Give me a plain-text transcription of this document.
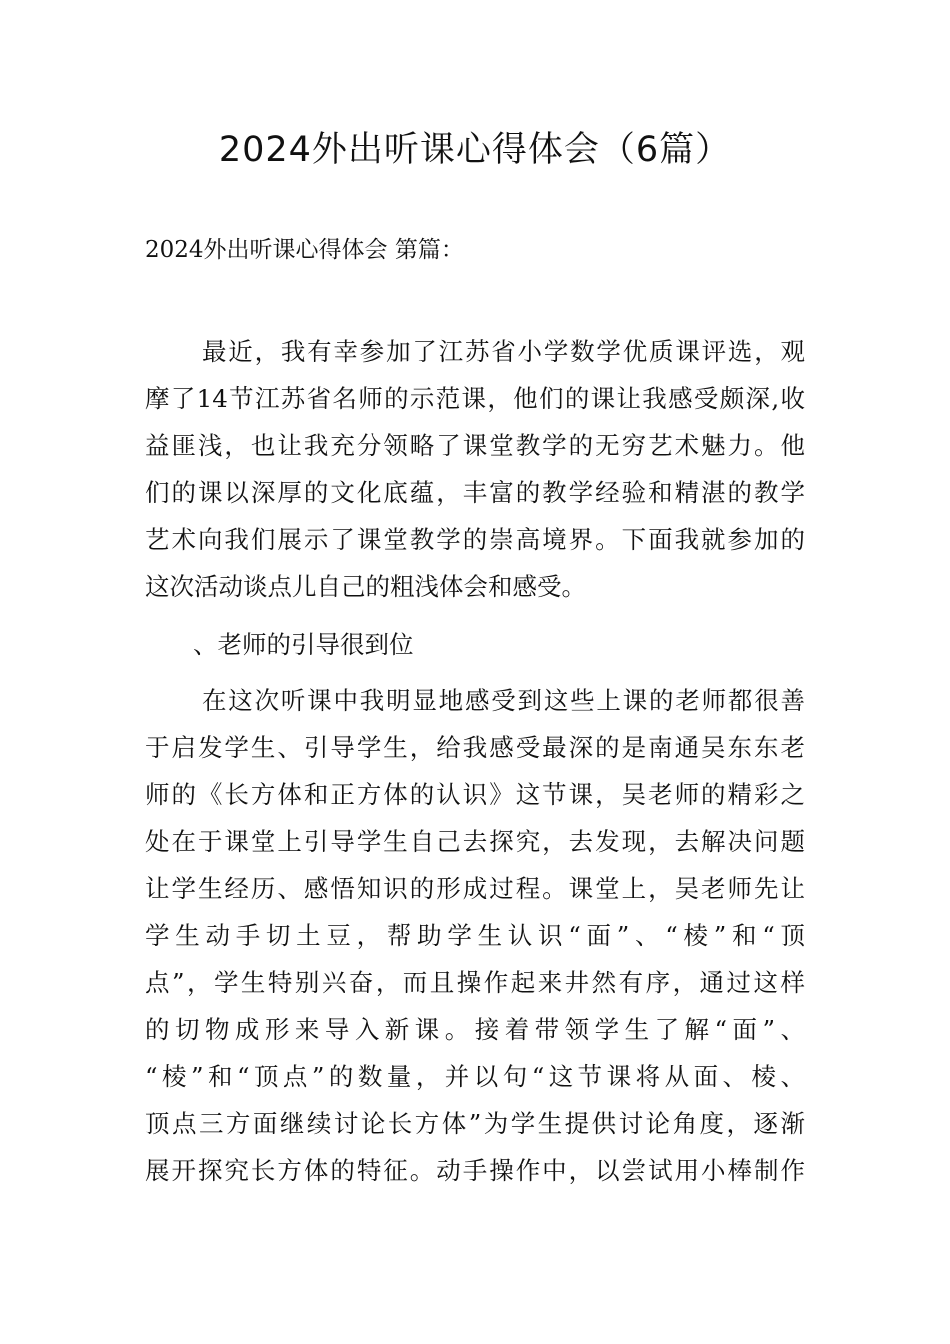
2024外出听课心得体会（6篇）
2024外出听课心得体会 第篇：
最近，我有幸参加了江苏省小学数学优质课评选，观
摩了14节江苏省名师的示范课，他们的课让我感受颇深,收
益匪浅，也让我充分领略了课堂教学的无穷艺术魅力。他
们的课以深厚的文化底蕴，丰富的教学经验和精湛的教学
艺术向我们展示了课堂教学的崇高境界。下面我就参加的
这次活动谈点儿自己的粗浅体会和感受。
、老师的引导很到位
在这次听课中我明显地感受到这些上课的老师都很善
于启发学生、引导学生，给我感受最深的是南通吴东东老
师的《长方体和正方体的认识》这节课，吴老师的精彩之
处在于课堂上引导学生自己去探究，去发现，去解决问题
让学生经历、感悟知识的形成过程。课堂上，吴老师先让
学生动手切土豆，帮助学生认识“面”、“棱”和“顶
点”，学生特别兴奋，而且操作起来井然有序，通过这样
的切物成形来导入新课。接着带领学生了解“面”、
“棱”和“顶点”的数量，并以句“这节课将从面、棱、
顶点三方面继续讨论长方体”为学生提供讨论角度，逐渐
展开探究长方体的特征。动手操作中，以尝试用小棒制作
